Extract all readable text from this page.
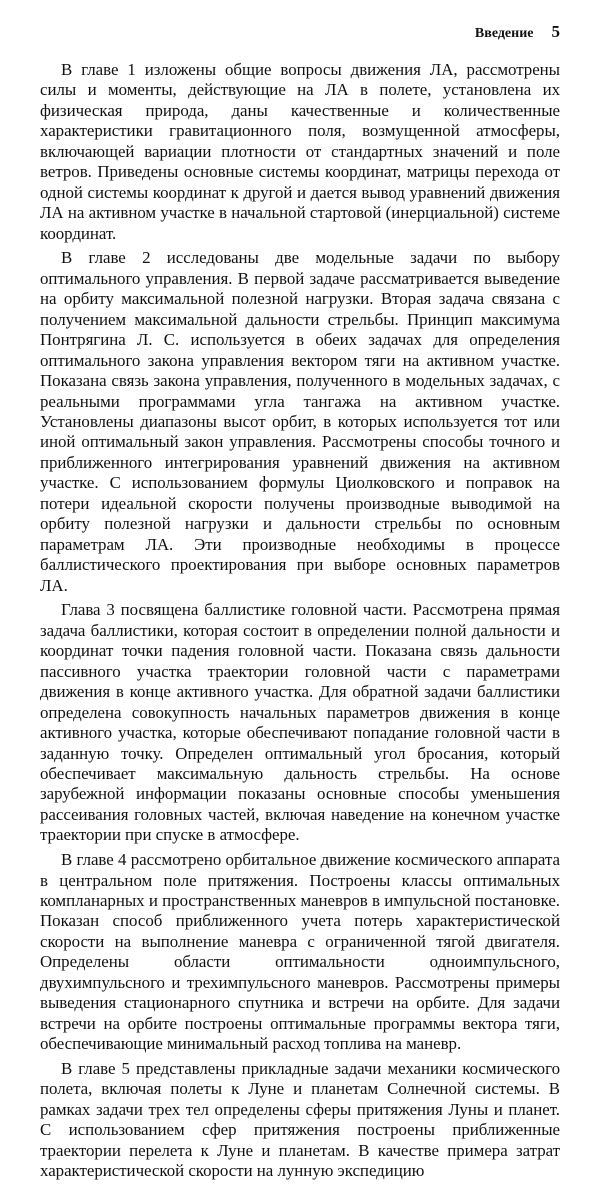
Введение 5

В главе 1 изложены общие вопросы движения ЛА, рассмотрены силы и моменты, действующие на ЛА в полете, установлена их физическая природа, даны качественные и количественные характеристики гравитационного поля, возмущенной атмосферы, включающей вариации плотности от стандартных значений и поле ветров. Приведены основные системы координат, матрицы перехода от одной системы координат к другой и дается вывод уравнений движения ЛА на активном участке в начальной стартовой (инерциальной) системе координат.

В главе 2 исследованы две модельные задачи по выбору оптимального управления. В первой задаче рассматривается выведение на орбиту максимальной полезной нагрузки. Вторая задача связана с получением максимальной дальности стрельбы. Принцип максимума Понтрягина Л. С. используется в обеих задачах для определения оптимального закона управления вектором тяги на активном участке. Показана связь закона управления, полученного в модельных задачах, с реальными программами угла тангажа на активном участке. Установлены диапазоны высот орбит, в которых используется тот или иной оптимальный закон управления. Рассмотрены способы точного и приближенного интегрирования уравнений движения на активном участке. С использованием формулы Циолковского и поправок на потери идеальной скорости получены производные выводимой на орбиту полезной нагрузки и дальности стрельбы по основным параметрам ЛА. Эти производные необходимы в процессе баллистического проектирования при выборе основных параметров ЛА.

Глава 3 посвящена баллистике головной части. Рассмотрена прямая задача баллистики, которая состоит в определении полной дальности и координат точки падения головной части. Показана связь дальности пассивного участка траектории головной части с параметрами движения в конце активного участка. Для обратной задачи баллистики определена совокупность начальных параметров движения в конце активного участка, которые обеспечивают попадание головной части в заданную точку. Определен оптимальный угол бросания, который обеспечивает максимальную дальность стрельбы. На основе зарубежной информации показаны основные способы уменьшения рассеивания головных частей, включая наведение на конечном участке траектории при спуске в атмосфере.

В главе 4 рассмотрено орбитальное движение космического аппарата в центральном поле притяжения. Построены классы оптимальных компланарных и пространственных маневров в импульсной постановке. Показан способ приближенного учета потерь характеристической скорости на выполнение маневра с ограниченной тягой двигателя. Определены области оптимальности одноимпульсного, двухимпульсного и трехимпульсного маневров. Рассмотрены примеры выведения стационарного спутника и встречи на орбите. Для задачи встречи на орбите построены оптимальные программы вектора тяги, обеспечивающие минимальный расход топлива на маневр.

В главе 5 представлены прикладные задачи механики космического полета, включая полеты к Луне и планетам Солнечной системы. В рамках задачи трех тел определены сферы притяжения Луны и планет. С использованием сфер притяжения построены приближенные траектории перелета к Луне и планетам. В качестве примера затрат характеристической скорости на лунную экспедицию
